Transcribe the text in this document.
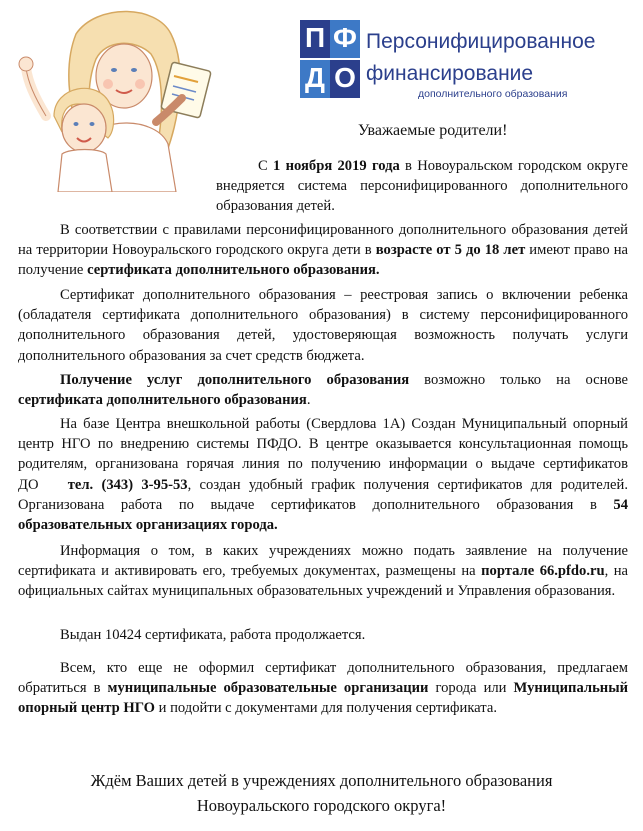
П Ф
Д О
Персонифицированное
финансирование
дополнительного образования
Уважаемые родители!
С 1 ноября 2019 года в Новоуральском городском округе внедряется система персонифицированного дополнительного образования детей.
В соответствии с правилами персонифицированного дополнительного образования детей на территории Новоуральского городского округа дети в возрасте от 5 до 18 лет имеют право на получение сертификата дополнительного образования.
Сертификат дополнительного образования – реестровая запись о включении ребенка (обладателя сертификата дополнительного образования) в систему персонифицированного дополнительного образования детей, удостоверяющая возможность получать услуги дополнительного образования за счет средств бюджета.
Получение услуг дополнительного образования возможно только на основе сертификата дополнительного образования.
На базе Центра внешкольной работы (Свердлова 1А) Создан Муниципальный опорный центр НГО по внедрению системы ПФДО. В центре оказывается консультационная помощь родителям, организована горячая линия по получению информации о выдаче сертификатов ДО  тел. (343) 3-95-53, создан удобный график получения сертификатов для родителей. Организована работа по выдаче сертификатов дополнительного образования в 54 образовательных организациях города.
Информация о том, в каких учреждениях можно подать заявление на получение сертификата и активировать его, требуемых документах, размещены на портале 66.pfdo.ru, на официальных сайтах муниципальных образовательных учреждений и Управления образования.
Выдан 10424 сертификата, работа продолжается.
Всем, кто еще не оформил сертификат дополнительного образования, предлагаем обратиться в муниципальные образовательные организации города или Муниципальный опорный центр НГО и подойти с документами для получения сертификата.
Ждём Ваших детей в учреждениях дополнительного образования
Новоуральского городского округа!
